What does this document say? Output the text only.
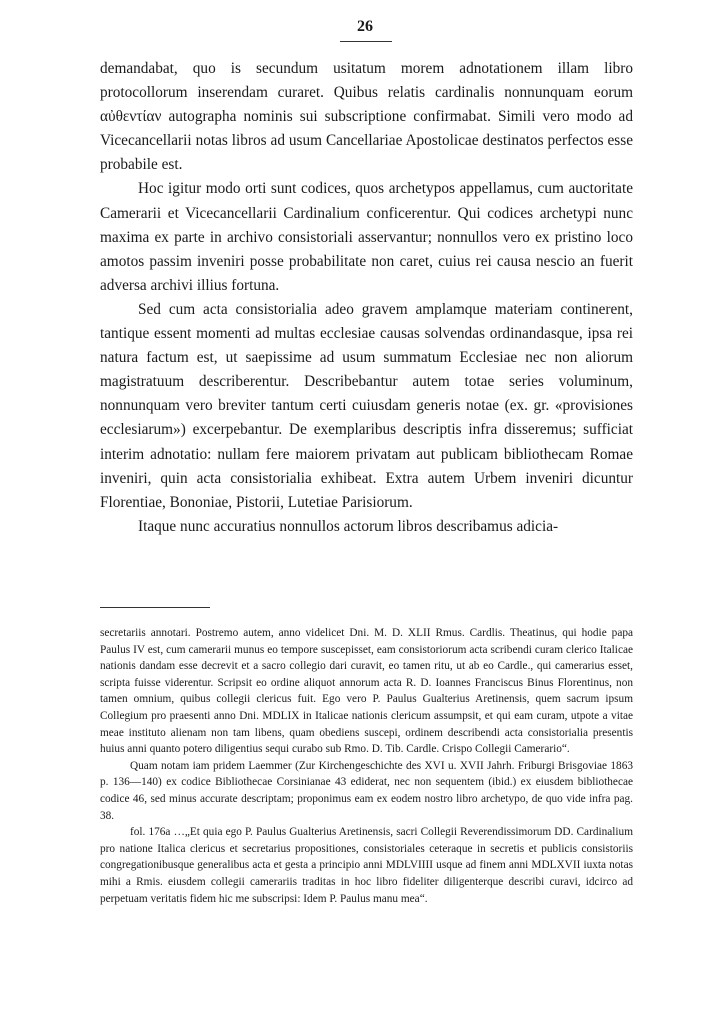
26

demandabat, quo is secundum usitatum morem adnotationem illam libro protocollorum inserendam curaret. Quibus relatis cardinalis nonnunquam eorum αὐθεντίαν autographa nominis sui subscriptione confirmabat. Simili vero modo ad Vicecancellarii notas libros ad usum Cancellariae Apostolicae destinatos perfectos esse probabile est.

Hoc igitur modo orti sunt codices, quos archetypos appellamus, cum auctoritate Camerarii et Vicecancellarii Cardinalium conficerentur. Qui codices archetypi nunc maxima ex parte in archivo consistoriali asservantur; nonnullos vero ex pristino loco amotos passim inveniri posse probabilitate non caret, cuius rei causa nescio an fuerit adversa archivi illius fortuna.

Sed cum acta consistorialia adeo gravem amplamque materiam continerent, tantique essent momenti ad multas ecclesiae causas solvendas ordinandasque, ipsa rei natura factum est, ut saepissime ad usum summatum Ecclesiae nec non aliorum magistratuum describerentur. Describebantur autem totae series voluminum, nonnunquam vero breviter tantum certi cuiusdam generis notae (ex. gr. «provisiones ecclesiarum») excerpebantur. De exemplaribus descriptis infra disseremus; sufficiat interim adnotatio: nullam fere maiorem privatam aut publicam bibliothecam Romae inveniri, quin acta consistorialia exhibeat. Extra autem Urbem inveniri dicuntur Florentiae, Bononiae, Pistorii, Lutetiae Parisiorum.

Itaque nunc accuratius nonnullos actorum libros describamus adicia-

secretariis annotari. Postremo autem, anno videlicet Dni. M. D. XLII Rmus. Cardlis. Theatinus, qui hodie papa Paulus IV est, cum camerarii munus eo tempore suscepisset, eam consistoriorum acta scribendi curam clerico Italicae nationis dandam esse decrevit et a sacro collegio dari curavit, eo tamen ritu, ut ab eo Cardle., qui camerarius esset, scripta fuisse viderentur. Scripsit eo ordine aliquot annorum acta R. D. Ioannes Franciscus Binus Florentinus, non tamen omnium, quibus collegii clericus fuit. Ego vero P. Paulus Gualterius Aretinensis, quem sacrum ipsum Collegium pro praesenti anno Dni. MDLIX in Italicae nationis clericum assumpsit, et qui eam curam, utpote a vitae meae instituto alienam non tam libens, quam obediens suscepi, ordinem describendi acta consistorialia presentis huius anni quanto potero diligentius sequi curabo sub Rmo. D. Tib. Cardle. Crispo Collegii Camerario“.

Quam notam iam pridem Laemmer (Zur Kirchengeschichte des XVI u. XVII Jahrh. Friburgi Brisgoviae 1863 p. 136—140) ex codice Bibliothecae Corsinianae 43 ediderat, nec non sequentem (ibid.) ex eiusdem bibliothecae codice 46, sed minus accurate descriptam; proponimus eam ex eodem nostro libro archetypo, de quo vide infra pag. 38.

fol. 176a …„Et quia ego P. Paulus Gualterius Aretinensis, sacri Collegii Reverendissimorum DD. Cardinalium pro natione Italica clericus et secretarius propositiones, consistoriales ceteraque in secretis et publicis consistoriis congregationibusque generalibus acta et gesta a principio anni MDLVIIII usque ad finem anni MDLXVII iuxta notas mihi a Rmis. eiusdem collegii camerariis traditas in hoc libro fideliter diligenterque describi curavi, idcirco ad perpetuam veritatis fidem hic me subscripsi: Idem P. Paulus manu mea“.
